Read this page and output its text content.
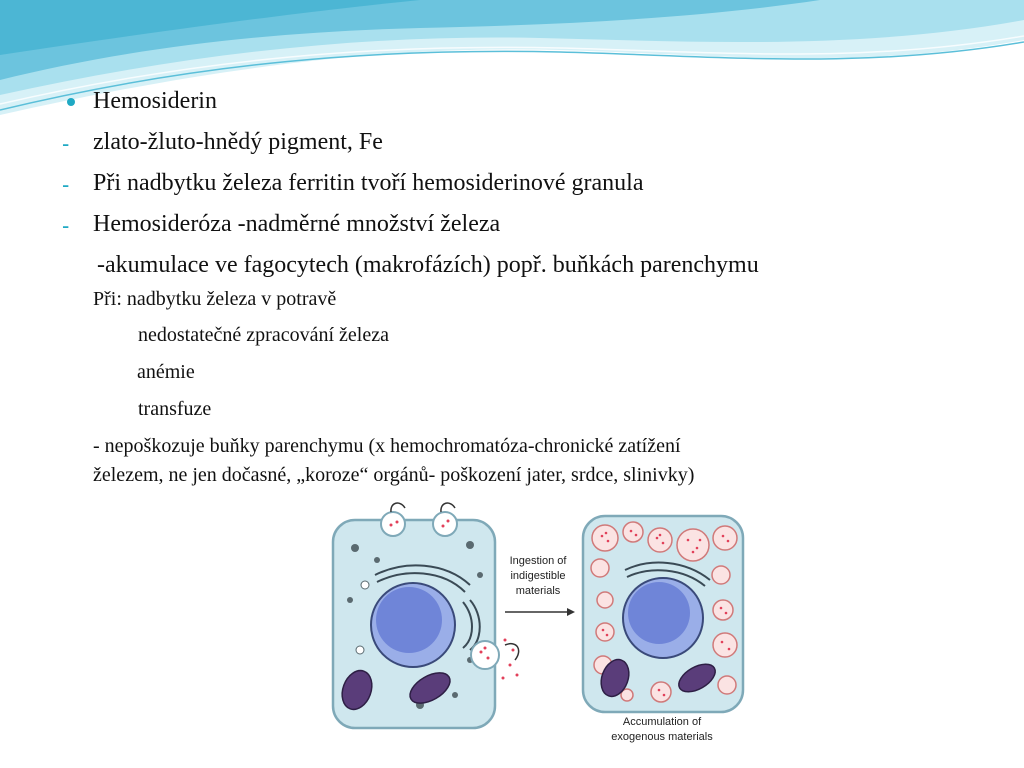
Hemosiderin
- zlato-žluto-hnědý pigment, Fe
- Při nadbytku železa ferritin tvoří hemosiderinové granula
- Hemosideróza -nadměrné množství železa
-akumulace ve fagocytech (makrofázích) popř. buňkách parenchymu
Při: nadbytku železa v potravě
nedostatečné zpracování železa
anémie
transfuze
- nepoškozuje buňky parenchymu (x hemochromatóza-chronické zatížení
železem, ne jen dočasné, „koroze“ orgánů- poškození jater, srdce, slinivky)
Ingestion of
indigestible
materials
Accumulation of
exogenous materials
